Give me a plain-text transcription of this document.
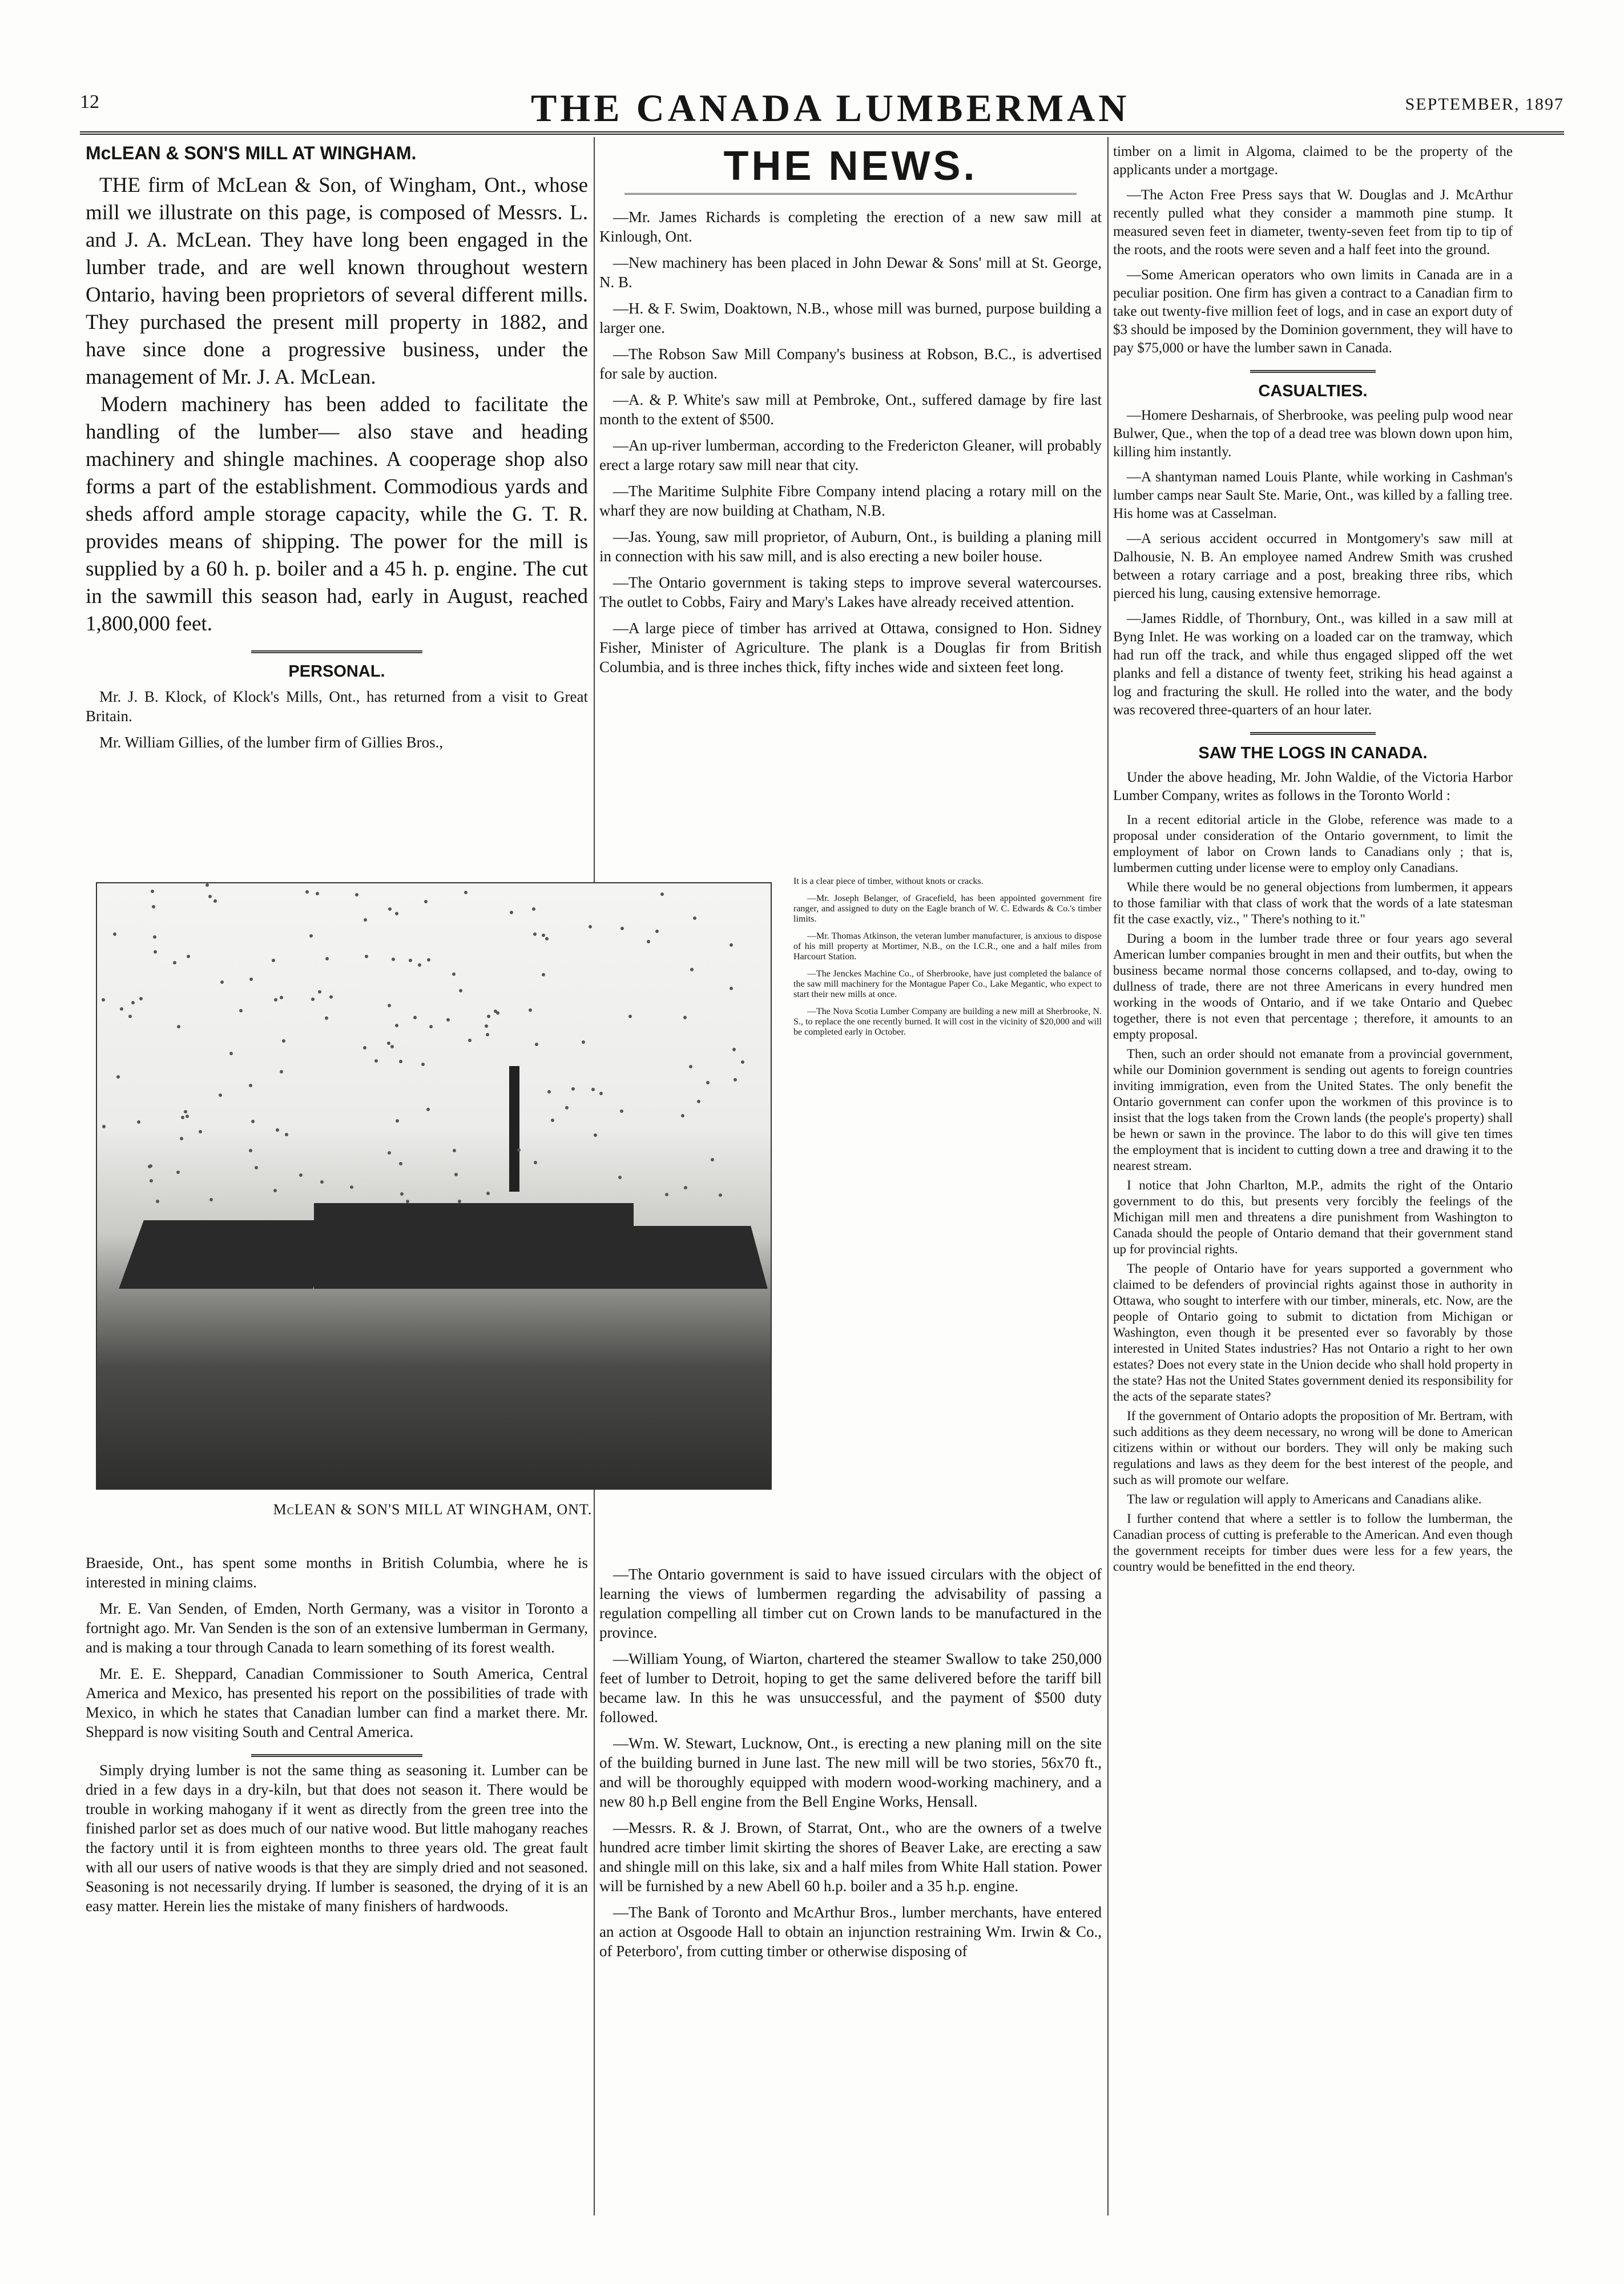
12	THE CANADA LUMBERMAN	SEPTEMBER, 1897
McLEAN & SON'S MILL AT WINGHAM.

THE firm of McLean & Son, of Wingham, Ont., whose mill we illustrate on this page, is composed of Messrs. L. and J. A. McLean. They have long been engaged in the lumber trade, and are well known throughout western Ontario, having been proprietors of several different mills. They purchased the present mill property in 1882, and have since done a progressive business, under the management of Mr. J. A. McLean.

Modern machinery has been added to facilitate the handling of the lumber— also stave and heading machinery and shingle machines. A cooperage shop also forms a part of the establishment. Commodious yards and sheds afford ample storage capacity, while the G. T. R. provides means of shipping. The power for the mill is supplied by a 60 h. p. boiler and a 45 h. p. engine. The cut in the sawmill this season had, early in August, reached 1,800,000 feet.

PERSONAL.

Mr. J. B. Klock, of Klock's Mills, Ont., has returned from a visit to Great Britain.

Mr. William Gillies, of the lumber firm of Gillies Bros.,

McLEAN & SON'S MILL AT WINGHAM, ONT.

Braeside, Ont., has spent some months in British Columbia, where he is interested in mining claims.

Mr. E. Van Senden, of Emden, North Germany, was a visitor in Toronto a fortnight ago. Mr. Van Senden is the son of an extensive lumberman in Germany, and is making a tour through Canada to learn something of its forest wealth.

Mr. E. E. Sheppard, Canadian Commissioner to South America, Central America and Mexico, has presented his report on the possibilities of trade with Mexico, in which he states that Canadian lumber can find a market there. Mr. Sheppard is now visiting South and Central America.

Simply drying lumber is not the same thing as seasoning it. Lumber can be dried in a few days in a dry-kiln, but that does not season it. There would be trouble in working mahogany if it went as directly from the green tree into the finished parlor set as does much of our native wood. But little mahogany reaches the factory until it is from eighteen months to three years old. The great fault with all our users of native woods is that they are simply dried and not seasoned. Seasoning is not necessarily drying. If lumber is seasoned, the drying of it is an easy matter. Herein lies the mistake of many finishers of hardwoods.

THE NEWS.

—Mr. James Richards is completing the erection of a new saw mill at Kinlough, Ont.

—New machinery has been placed in John Dewar & Sons' mill at St. George, N. B.

—H. & F. Swim, Doaktown, N.B., whose mill was burned, purpose building a larger one.

—The Robson Saw Mill Company's business at Robson, B.C., is advertised for sale by auction.

—A. & P. White's saw mill at Pembroke, Ont., suffered damage by fire last month to the extent of $500.

—An up-river lumberman, according to the Fredericton Gleaner, will probably erect a large rotary saw mill near that city.

—The Maritime Sulphite Fibre Company intend placing a rotary mill on the wharf they are now building at Chatham, N.B.

—Jas. Young, saw mill proprietor, of Auburn, Ont., is building a planing mill in connection with his saw mill, and is also erecting a new boiler house.

—The Ontario government is taking steps to improve several watercourses. The outlet to Cobbs, Fairy and Mary's Lakes have already received attention.

—A large piece of timber has arrived at Ottawa, consigned to Hon. Sidney Fisher, Minister of Agriculture. The plank is a Douglas fir from British Columbia, and is three inches thick, fifty inches wide and sixteen feet long.

It is a clear piece of timber, without knots or cracks.

—Mr. Joseph Belanger, of Gracefield, has been appointed government fire ranger, and assigned to duty on the Eagle branch of W. C. Edwards & Co.'s timber limits.

—Mr. Thomas Atkinson, the veteran lumber manufacturer, is anxious to dispose of his mill property at Mortimer, N.B., on the I.C.R., one and a half miles from Harcourt Station.

—The Jenckes Machine Co., of Sherbrooke, have just completed the balance of the saw mill machinery for the Montague Paper Co., Lake Megantic, who expect to start their new mills at once.

—The Nova Scotia Lumber Company are building a new mill at Sherbrooke, N. S., to replace the one recently burned. It will cost in the vicinity of $20,000 and will be completed early in October.

—The Ontario government is said to have issued circulars with the object of learning the views of lumbermen regarding the advisability of passing a regulation compelling all timber cut on Crown lands to be manufactured in the province.

—William Young, of Wiarton, chartered the steamer Swallow to take 250,000 feet of lumber to Detroit, hoping to get the same delivered before the tariff bill became law. In this he was unsuccessful, and the payment of $500 duty followed.

—Wm. W. Stewart, Lucknow, Ont., is erecting a new planing mill on the site of the building burned in June last. The new mill will be two stories, 56x70 ft., and will be thoroughly equipped with modern wood-working machinery, and a new 80 h.p Bell engine from the Bell Engine Works, Hensall.

—Messrs. R. & J. Brown, of Starrat, Ont., who are the owners of a twelve hundred acre timber limit skirting the shores of Beaver Lake, are erecting a saw and shingle mill on this lake, six and a half miles from White Hall station. Power will be furnished by a new Abell 60 h.p. boiler and a 35 h.p. engine.

—The Bank of Toronto and McArthur Bros., lumber merchants, have entered an action at Osgoode Hall to obtain an injunction restraining Wm. Irwin & Co., of Peterboro', from cutting timber or otherwise disposing of

timber on a limit in Algoma, claimed to be the property of the applicants under a mortgage.

—The Acton Free Press says that W. Douglas and J. McArthur recently pulled what they consider a mammoth pine stump. It measured seven feet in diameter, twenty-seven feet from tip to tip of the roots, and the roots were seven and a half feet into the ground.

—Some American operators who own limits in Canada are in a peculiar position. One firm has given a contract to a Canadian firm to take out twenty-five million feet of logs, and in case an export duty of $3 should be imposed by the Dominion government, they will have to pay $75,000 or have the lumber sawn in Canada.

CASUALTIES.

—Homere Desharnais, of Sherbrooke, was peeling pulp wood near Bulwer, Que., when the top of a dead tree was blown down upon him, killing him instantly.

—A shantyman named Louis Plante, while working in Cashman's lumber camps near Sault Ste. Marie, Ont., was killed by a falling tree. His home was at Casselman.

—A serious accident occurred in Montgomery's saw mill at Dalhousie, N. B. An employee named Andrew Smith was crushed between a rotary carriage and a post, breaking three ribs, which pierced his lung, causing extensive hemorrage.

—James Riddle, of Thornbury, Ont., was killed in a saw mill at Byng Inlet. He was working on a loaded car on the tramway, which had run off the track, and while thus engaged slipped off the wet planks and fell a distance of twenty feet, striking his head against a log and fracturing the skull. He rolled into the water, and the body was recovered three-quarters of an hour later.

SAW THE LOGS IN CANADA.

Under the above heading, Mr. John Waldie, of the Victoria Harbor Lumber Company, writes as follows in the Toronto World :

In a recent editorial article in the Globe, reference was made to a proposal under consideration of the Ontario government, to limit the employment of labor on Crown lands to Canadians only ; that is, lumbermen cutting under license were to employ only Canadians.

While there would be no general objections from lumbermen, it appears to those familiar with that class of work that the words of a late statesman fit the case exactly, viz., " There's nothing to it."

During a boom in the lumber trade three or four years ago several American lumber companies brought in men and their outfits, but when the business became normal those concerns collapsed, and to-day, owing to dullness of trade, there are not three Americans in every hundred men working in the woods of Ontario, and if we take Ontario and Quebec together, there is not even that percentage ; therefore, it amounts to an empty proposal.

Then, such an order should not emanate from a provincial government, while our Dominion government is sending out agents to foreign countries inviting immigration, even from the United States. The only benefit the Ontario government can confer upon the workmen of this province is to insist that the logs taken from the Crown lands (the people's property) shall be hewn or sawn in the province. The labor to do this will give ten times the employment that is incident to cutting down a tree and drawing it to the nearest stream.

I notice that John Charlton, M.P., admits the right of the Ontario government to do this, but presents very forcibly the feelings of the Michigan mill men and threatens a dire punishment from Washington to Canada should the people of Ontario demand that their government stand up for provincial rights.

The people of Ontario have for years supported a government who claimed to be defenders of provincial rights against those in authority in Ottawa, who sought to interfere with our timber, minerals, etc. Now, are the people of Ontario going to submit to dictation from Michigan or Washington, even though it be presented ever so favorably by those interested in United States industries? Has not Ontario a right to her own estates? Does not every state in the Union decide who shall hold property in the state? Has not the United States government denied its responsibility for the acts of the separate states?

If the government of Ontario adopts the proposition of Mr. Bertram, with such additions as they deem necessary, no wrong will be done to American citizens within or without our borders. They will only be making such regulations and laws as they deem for the best interest of the people, and such as will promote our welfare.

The law or regulation will apply to Americans and Canadians alike.

I further contend that where a settler is to follow the lumberman, the Canadian process of cutting is preferable to the American. And even though the government receipts for timber dues were less for a few years, the country would be benefitted in the end theory.
